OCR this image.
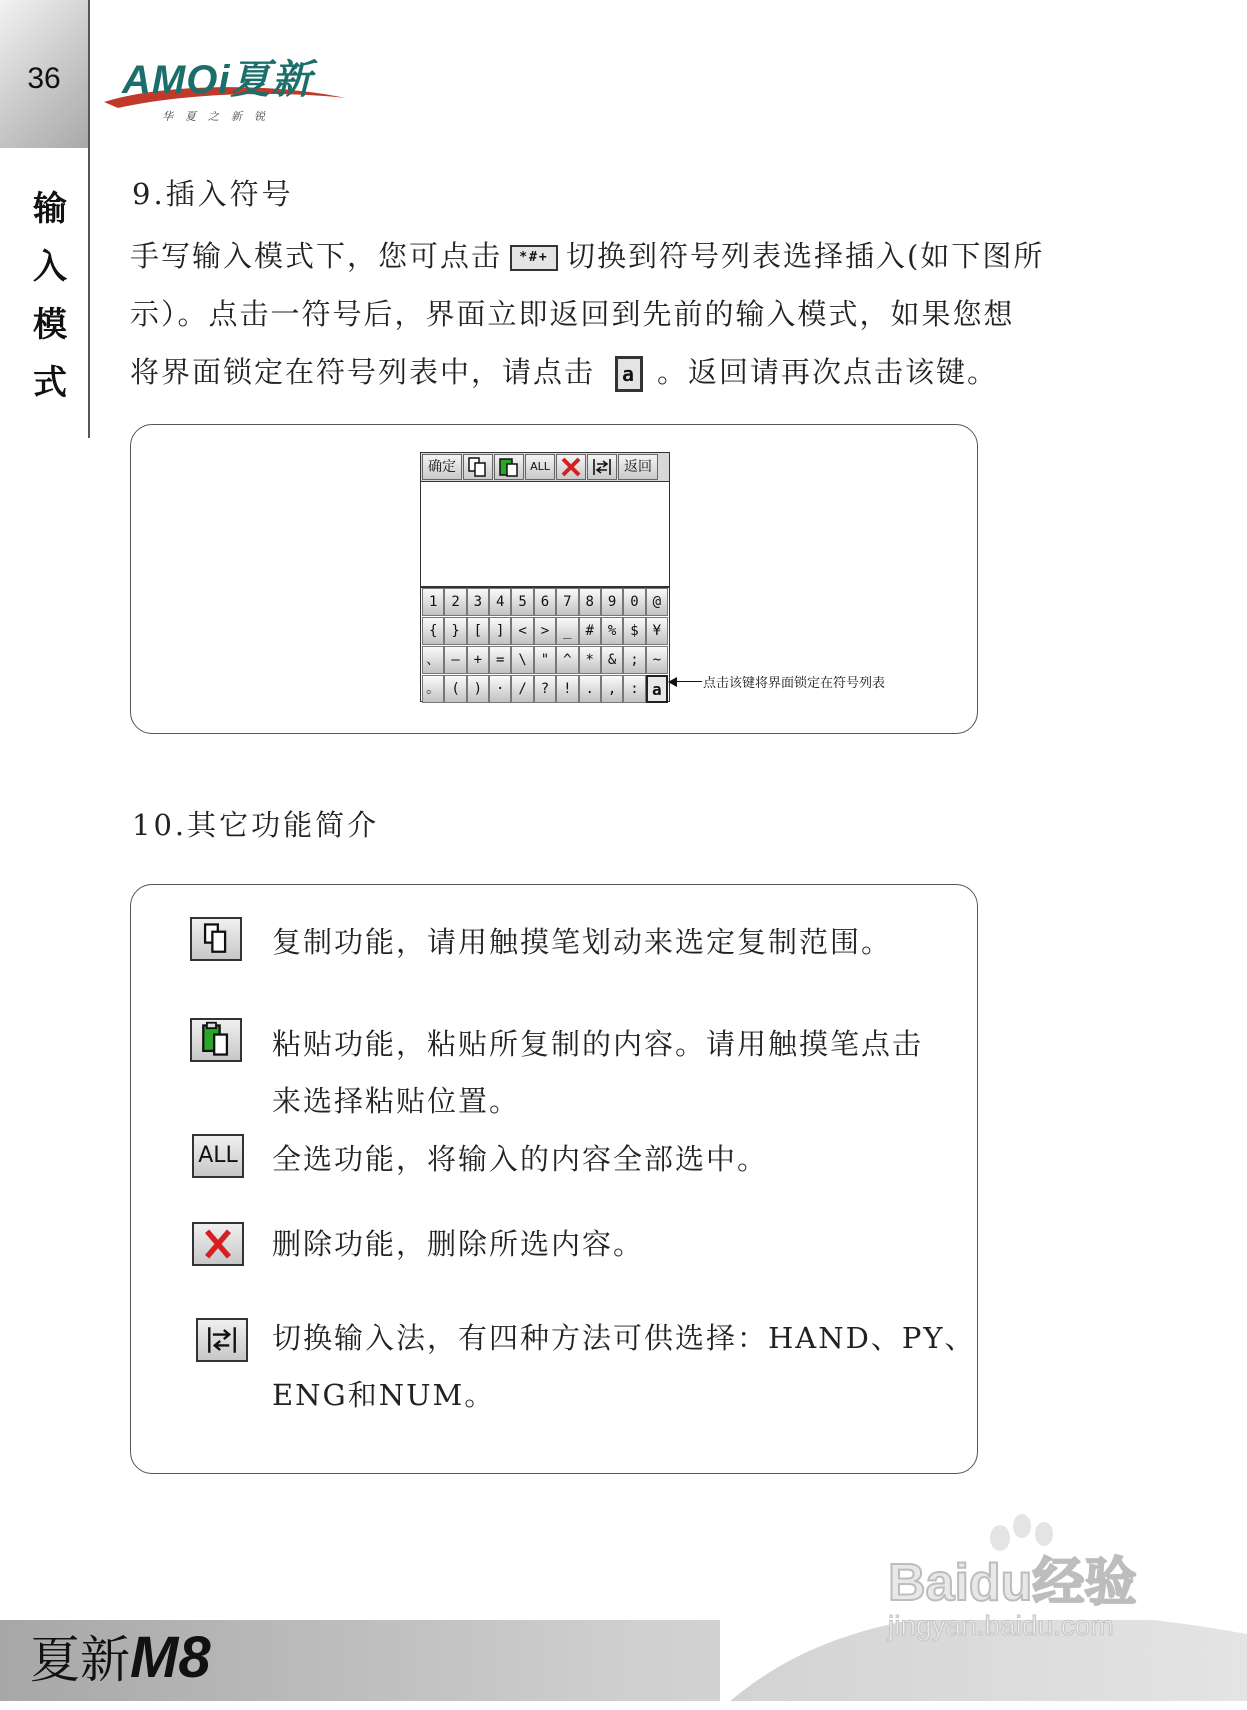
36	AMOi夏新
华夏之新锐
输
入
模
式
9.插入符号
手写输入模式下，您可点击 *#+ 切换到符号列表选择插入(如下图所
示）。点击一符号后，界面立即返回到先前的输入模式，如果您想
将界面锁定在符号列表中，请点击 a 。返回请再次点击该键。
确定	ALL	返回
1 2 3 4 5 6 7 8 9 0 @
{ } [ ] < > _ # % $ ¥
、 — + = \ " ^ * & ; ~
。 ( ) · / ? ! . , : a	点击该键将界面锁定在符号列表
10.其它功能简介
复制功能，请用触摸笔划动来选定复制范围。
粘贴功能，粘贴所复制的内容。请用触摸笔点击
来选择粘贴位置。
ALL 全选功能，将输入的内容全部选中。
删除功能，删除所选内容。
切换输入法，有四种方法可供选择：HAND、PY、
ENG和NUM。
夏新M8
Baidu经验
jingyan.baidu.com
